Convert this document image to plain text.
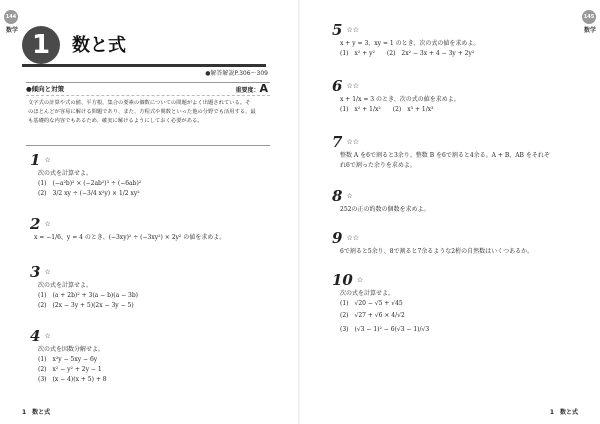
144
数学 1	数と式
●解答解説P.306〜309
●傾向と対策	重要度：A
文字式の計算や式の値、平方根、集合の要素の個数についての問題がよく出題されている。そ
のほとんどが容易に解ける問題であり、また、方程式や関数といった他の分野でも活用する、最
も基礎的な内容でもあるため、確実に解けるようにしておく必要がある。
1 ☆
次の式を計算せよ。
(1)　(−a²b)² × (−2ab²)³ ÷ (−6ab)²
(2)　3/2 xy ÷ (−3/4 x²y) × 1/2 xy²
2 ☆
x = −1/6、y = 4 のとき、(−3xy)² ÷ (−3xy²) × 2y² の値を求めよ。
3 ☆
次の式を計算せよ。
(1)　(a + 2b)² + 3(a − b)(a − 3b)
(2)　(2x − 3y + 5)(2x − 3y − 5)
4 ☆
次の式を因数分解せよ。
(1)　x²y − 5xy − 6y
(2)　x² − y² + 2y − 1
(3)　(x − 4)(x + 5) + 8
1　数と式
145
数学
5 ☆☆
x + y = 3、xy = 1 のとき、次の式の値を求めよ。
(1)　x² + y²　　(2)　2x² − 3x + 4 − 3y + 2y²
6 ☆☆
x + 1/x = 3 のとき、次の式の値を求めよ。
(1)　x² + 1/x²　　(2)　x³ + 1/x³
7 ☆☆
整数 A を6で割ると3余り、整数 B を6で割ると4余る。A + B、AB をそれぞ
れ6で割った余りを求めよ。
8 ☆
252の正の約数の個数を求めよ。
9 ☆☆
6で割ると5余り、8で割ると7余るような2桁の自然数はいくつあるか。
10 ☆
次の式を計算せよ。
(1)　√20 − √5 + √45
(2)　√27 + √6 × 4/√2
(3)　(√3 − 1)² − 6(√3 − 1)/√3
1　数と式
